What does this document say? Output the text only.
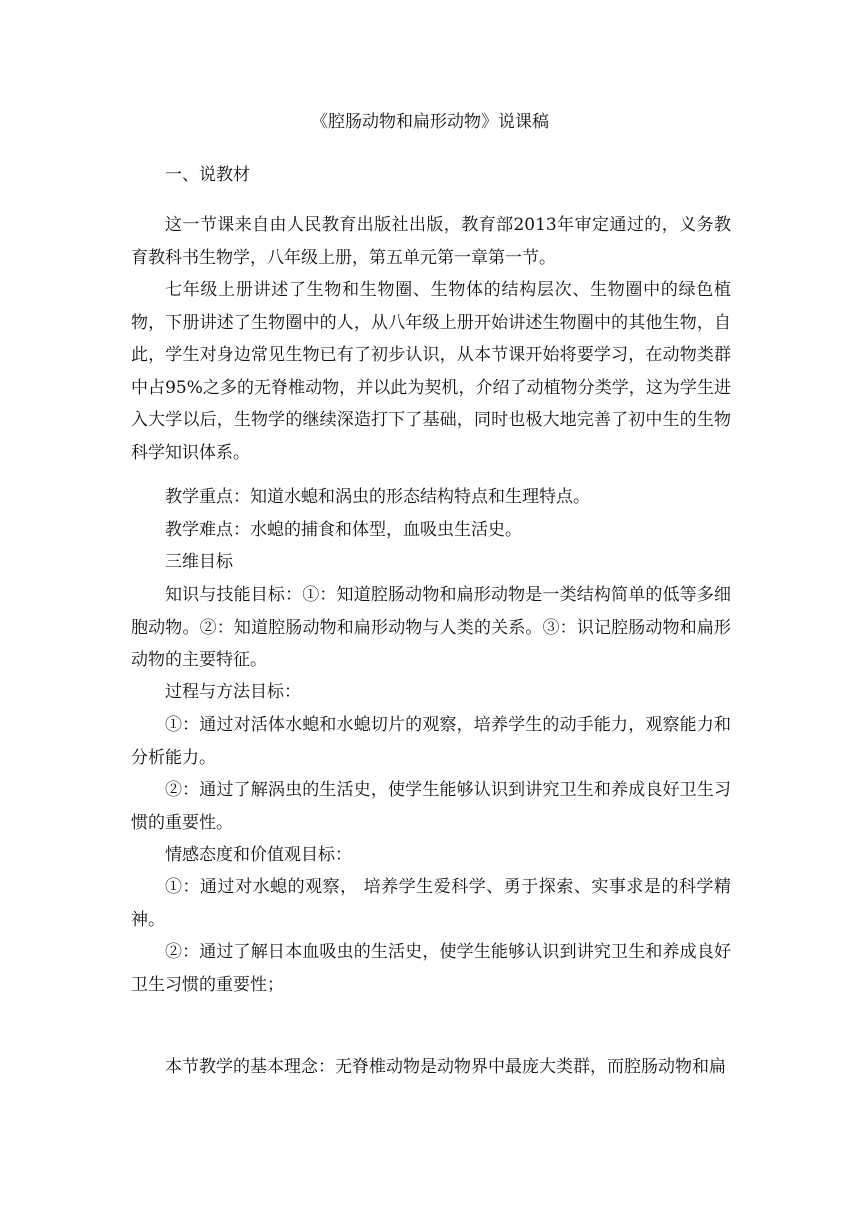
《腔肠动物和扁形动物》说课稿

一、说教材

这一节课来自由人民教育出版社出版，教育部2013年审定通过的，义务教育教科书生物学，八年级上册，第五单元第一章第一节。

七年级上册讲述了生物和生物圈、生物体的结构层次、生物圈中的绿色植物，下册讲述了生物圈中的人，从八年级上册开始讲述生物圈中的其他生物，自此，学生对身边常见生物已有了初步认识，从本节课开始将要学习，在动物类群中占95%之多的无脊椎动物，并以此为契机，介绍了动植物分类学，这为学生进入大学以后，生物学的继续深造打下了基础，同时也极大地完善了初中生的生物科学知识体系。

教学重点：知道水螅和涡虫的形态结构特点和生理特点。

教学难点：水螅的捕食和体型，血吸虫生活史。

三维目标

知识与技能目标：①：知道腔肠动物和扁形动物是一类结构简单的低等多细胞动物。②：知道腔肠动物和扁形动物与人类的关系。③：识记腔肠动物和扁形动物的主要特征。

过程与方法目标：

①：通过对活体水螅和水螅切片的观察，培养学生的动手能力，观察能力和分析能力。

②：通过了解涡虫的生活史，使学生能够认识到讲究卫生和养成良好卫生习惯的重要性。

情感态度和价值观目标：

①：通过对水螅的观察， 培养学生爱科学、勇于探索、实事求是的科学精神。

②：通过了解日本血吸虫的生活史，使学生能够认识到讲究卫生和养成良好卫生习惯的重要性；

本节教学的基本理念：无脊椎动物是动物界中最庞大类群，而腔肠动物和扁
